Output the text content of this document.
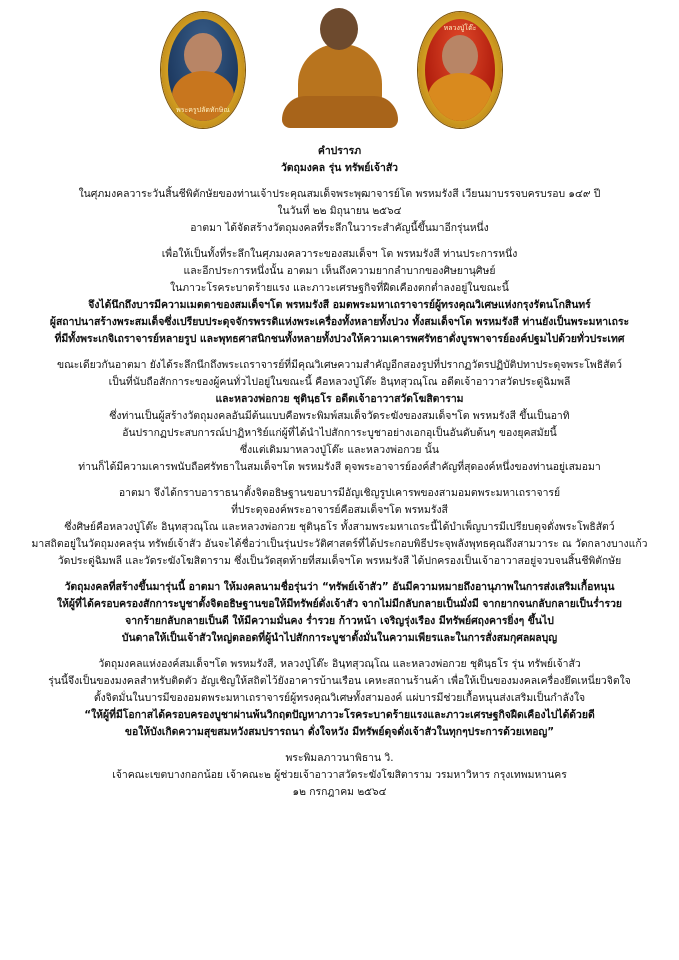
พระครูปลัดทักษิณ
หลวงปู่โต๊ะ

คำปรารภ

วัตถุมงคล รุ่น ทรัพย์เจ้าสัว

ในศุภมงคลวาระวันสิ้นชีพิตักษัยของท่านเจ้าประคุณสมเด็จพระพุฒาจารย์โต พรหมรังสี เวียนมาบรรจบครบรอบ ๑๔๙ ปี

ในวันที่ ๒๒ มิถุนายน ๒๕๖๔

อาตมา ได้จัดสร้างวัตถุมงคลที่ระลึกในวาระสำคัญนี้ขึ้นมาอีกรุ่นหนึ่ง

เพื่อให้เป็นทั้งที่ระลึกในศุภมงคลวาระของสมเด็จฯ โต พรหมรังสี ท่านประการหนึ่ง

และอีกประการหนึ่งนั้น อาตมา เห็นถึงความยากลำบากของศิษยานุศิษย์

ในภาวะโรคระบาดร้ายแรง และภาวะเศรษฐกิจที่ฝืดเคืองตกต่ำลงอยู่ในขณะนี้

จึงได้นึกถึงบารมีความเมตตาของสมเด็จฯโต พรหมรังสี อมตพระมหาเถราจารย์ผู้ทรงคุณวิเศษแห่งกรุงรัตนโกสินทร์

ผู้สถาปนาสร้างพระสมเด็จซึ่งเปรียบประดุจจักรพรรดิแห่งพระเครื่องทั้งหลายทั้งปวง ทั้งสมเด็จฯโต พรหมรังสี ท่านยังเป็นพระมหาเถระ

ที่มีทั้งพระเกจิเถราจารย์หลายรูป และพุทธศาสนิกชนทั้งหลายทั้งปวงให้ความเคารพศรัทธาดั่งบูรพาจารย์องค์ปฐมไปด้วยทั่วประเทศ

ขณะเดียวกันอาตมา ยังได้ระลึกนึกถึงพระเถราจารย์ที่มีคุณวิเศษความสำคัญอีกสองรูปที่ปรากฏวัตรปฏิบัติปทาประดุจพระโพธิสัตว์

เป็นที่นับถือสักการะของผู้คนทั่วไปอยู่ในขณะนี้ คือหลวงปู่โต๊ะ อินฺทสุวณฺโณ อดีตเจ้าอาวาสวัดประดู่ฉิมพลี

และหลวงพ่อกวย ชุตินฺธโร อดีตเจ้าอาวาสวัดโฆสิตาราม

ซึ่งท่านเป็นผู้สร้างวัตถุมงคลอันมีต้นแบบคือพระพิมพ์สมเด็จวัดระฆังของสมเด็จฯโต พรหมรังสี ขึ้นเป็นอาทิ

อันปรากฏประสบการณ์ปาฏิหาริย์แก่ผู้ที่ได้นำไปสักการะบูชาอย่างเอกอุเป็นอันดับต้นๆ ของยุคสมัยนี้

ซึ่งแต่เดิมมาหลวงปู่โต๊ะ และหลวงพ่อกวย นั้น

ท่านก็ได้มีความเคารพนับถือศรัทธาในสมเด็จฯโต พรหมรังสี ดุจพระอาจารย์องค์สำคัญที่สุดองค์หนึ่งของท่านอยู่เสมอมา

อาตมา จึงได้กราบอาราธนาตั้งจิตอธิษฐานขอบารมีอัญเชิญรูปเคารพของสามอมตพระมหาเถราจารย์

ที่ประดุจองค์พระอาจารย์คือสมเด็จฯโต พรหมรังสี

ซึ่งศิษย์คือหลวงปู่โต๊ะ อินฺทสุวณฺโณ และหลวงพ่อกวย ชุตินฺธโร ทั้งสามพระมหาเถระนี้ได้บำเพ็ญบารมีเปรียบดุจดั่งพระโพธิสัตว์

มาสถิตอยู่ในวัตถุมงคลรุ่น ทรัพย์เจ้าสัว อันจะได้ชื่อว่าเป็นรุ่นประวัติศาสตร์ที่ได้ประกอบพิธีประจุพลังพุทธคุณถึงสามวาระ ณ วัดกลางบางแก้ว

วัดประดู่ฉิมพลี และวัดระฆังโฆสิตาราม ซึ่งเป็นวัดสุดท้ายที่สมเด็จฯโต พรหมรังสี ได้ปกครองเป็นเจ้าอาวาสอยู่จวบจนสิ้นชีพิตักษัย

วัตถุมงคลที่สร้างขึ้นมารุ่นนี้ อาตมา ให้มงคลนามชื่อรุ่นว่า “ทรัพย์เจ้าสัว” อันมีความหมายถึงอานุภาพในการส่งเสริมเกื้อหนุน

ให้ผู้ที่ได้ครอบครองสักการะบูชาตั้งจิตอธิษฐานขอให้มีทรัพย์ดั่งเจ้าสัว จากไม่มีกลับกลายเป็นมั่งมี จากยากจนกลับกลายเป็นร่ำรวย

จากร้ายกลับกลายเป็นดี ให้มีความมั่นคง ร่ำรวย ก้าวหน้า เจริญรุ่งเรือง มีทรัพย์ศฤงคารยิ่งๆ ขึ้นไป

บันดาลให้เป็นเจ้าสัวใหญ่ตลอดที่ผู้นำไปสักการะบูชาตั้งมั่นในความเพียรและในการสั่งสมกุศลผลบุญ

วัตถุมงคลแห่งองค์สมเด็จฯโต พรหมรังสี, หลวงปู่โต๊ะ อินฺทสุวณฺโณ และหลวงพ่อกวย ชุตินฺธโร รุ่น ทรัพย์เจ้าสัว

รุ่นนี้จึงเป็นของมงคลสำหรับติดตัว อัญเชิญให้สถิตไว้ยังอาคารบ้านเรือน เคหะสถานร้านค้า เพื่อให้เป็นของมงคลเครื่องยึดเหนี่ยวจิตใจ

ตั้งจิตมั่นในบารมีของอมตพระมหาเถราจารย์ผู้ทรงคุณวิเศษทั้งสามองค์ แผ่บารมีช่วยเกื้อหนุนส่งเสริมเป็นกำลังใจ

“ให้ผู้ที่มีโอกาสได้ครอบครองบูชาผ่านพ้นวิกฤตปัญหาภาวะโรคระบาดร้ายแรงและภาวะเศรษฐกิจฝืดเคืองไปได้ด้วยดี

ขอให้บังเกิดความสุขสมหวังสมปรารถนา ดั่งใจหวัง มีทรัพย์ดุจดั่งเจ้าสัวในทุกๆประการด้วยเทอญ”

พระพิมลภาวนาพิธาน วิ.

เจ้าคณะเขตบางกอกน้อย เจ้าคณะ๒ ผู้ช่วยเจ้าอาวาสวัดระฆังโฆสิตาราม วรมหาวิหาร กรุงเทพมหานคร

๑๒ กรกฎาคม ๒๕๖๔
